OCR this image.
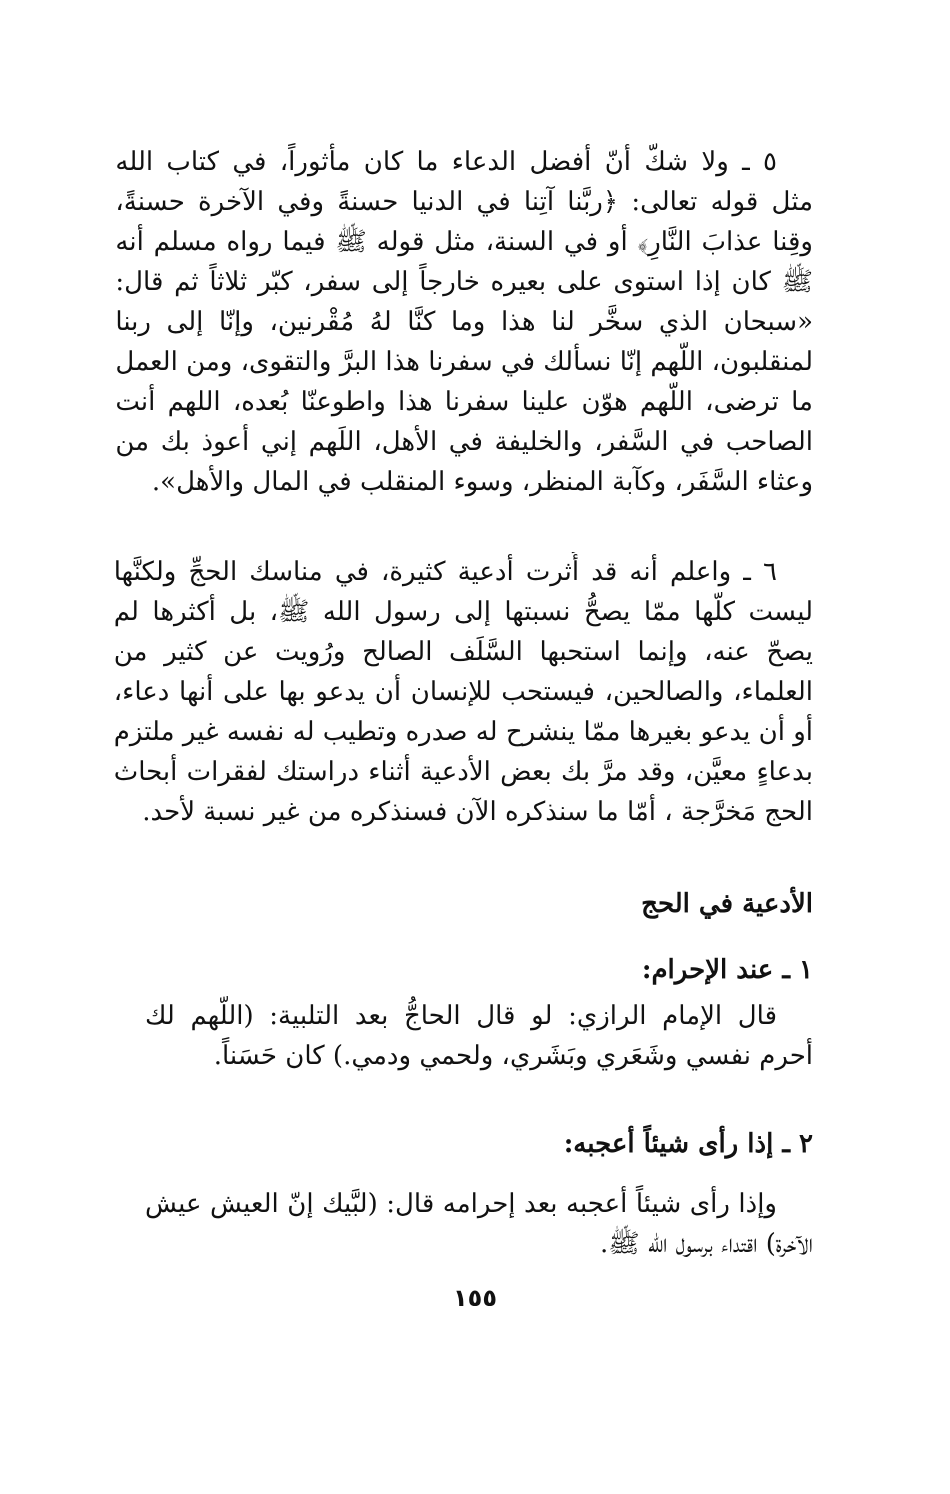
٥ ـ ولا شكّ أنّ أفضل الدعاء ما كان مأثوراً، في كتاب الله
مثل قوله تعالى: ﴿ربَّنا آتِنا في الدنيا حسنةً وفي الآخرة حسنةً،
وقِنا عذابَ النَّارِ﴾ أو في السنة، مثل قوله ﷺ فيما رواه مسلم أنه
ﷺ كان إذا استوى على بعيره خارجاً إلى سفر، كبّر ثلاثاً ثم قال:
«سبحان الذي سخَّر لنا هذا وما كنَّا لهُ مُقْرنين، وإنّا إلى ربنا
لمنقلبون، اللَّهم إنّا نسألك في سفرنا هذا البرَّ والتقوى، ومن العمل
ما ترضى، اللَّهم هوّن علينا سفرنا هذا واطوعنّا بُعده، اللهم أنت
الصاحب في السَّفر، والخليفة في الأهل، اللَهم إني أعوذ بك من
وعثاء السَّفَر، وكآبة المنظر، وسوء المنقلب في المال والأهل».
٦ ـ واعلم أنه قد أُثرت أدعية كثيرة، في مناسك الحجِّ ولكنَّها
ليست كلّها ممّا يصحُّ نسبتها إلى رسول الله ﷺ، بل أكثرها لم
يصحّ عنه، وإنما استحبها السَّلَف الصالح ورُويت عن كثير من
العلماء، والصالحين، فيستحب للإنسان أن يدعو بها على أنها دعاء،
أو أن يدعو بغيرها ممّا ينشرح له صدره وتطيب له نفسه غير ملتزم
بدعاءٍ معيَّن، وقد مرَّ بك بعض الأدعية أثناء دراستك لفقرات أبحاث
الحج مَخرَّجة ، أمّا ما سنذكره الآن فسنذكره من غير نسبة لأحد.
الأدعية في الحج
١ ـ عند الإحرام:
قال الإمام الرازي: لو قال الحاجُّ بعد التلبية: (اللَّهم لك
أحرم نفسي وشَعَري وبَشَري، ولحمي ودمي.) كان حَسَناً.
٢ ـ إذا رأى شيئاً أعجبه:
وإذا رأى شيئاً أعجبه بعد إحرامه قال: (لبَّيك إنّ العيش عيش
الآخرة) اقتداء برسول الله ﷺ.
١٥٥
